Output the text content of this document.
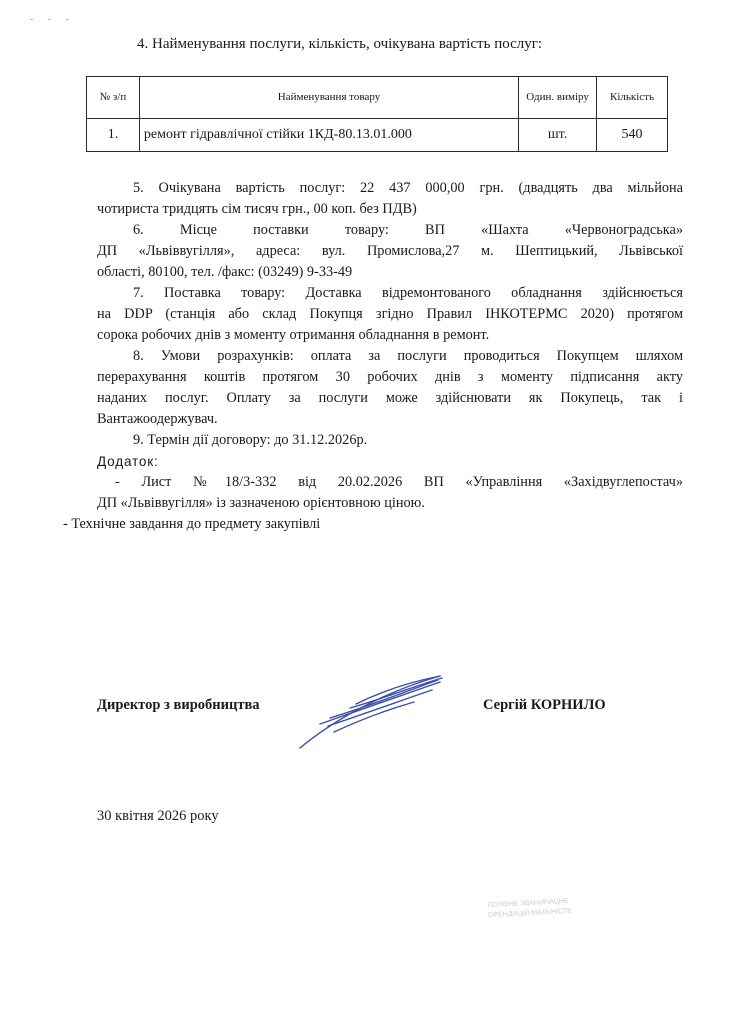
- - -
4. Найменування послуги, кількість, очікувана вартість послуг:
№ з/п	Найменування товару	Один. виміру	Кількість
1.	ремонт гідравлічної стійки 1КД-80.13.01.000	шт.	540

5. Очікувана вартість послуг: 22 437 000,00 грн. (двадцять два мільйона

чотириста тридцять сім тисяч грн., 00 коп. без ПДВ)

6. Місце поставки товару: ВП «Шахта «Червоноградська»

ДП «Львіввугілля», адреса: вул. Промислова,27 м. Шептицький, Львівської

області, 80100, тел. /факс: (03249) 9-33-49

7. Поставка товару: Доставка відремонтованого обладнання здійснюється

на DDP (станція або склад Покупця згідно Правил ІНКОТЕРМС 2020) протягом

сорока робочих днів з моменту отримання обладнання в ремонт.

8. Умови розрахунків: оплата за послуги проводиться Покупцем шляхом

перерахування коштів протягом 30 робочих днів з моменту підписання акту

наданих послуг. Оплату за послуги може здійснювати як Покупець, так і

Вантажоодержувач.

9. Термін дії договору: до 31.12.2026р.

Додаток:

- Лист №18/3-332 від 20.02.2026 ВП «Управління «Західвуглепостач»

ДП «Львіввугілля» із зазначеною орієнтовною ціною.

- Технічне завдання до предмету закупівлі

Директор з виробництва	Сергій КОРНИЛО
30 квітня 2026 року
ПОЛІВНЕ ЗВАНИНАЦНЕ
ОРЕНДАЦІЙ МАЛЬНІСТЕ
